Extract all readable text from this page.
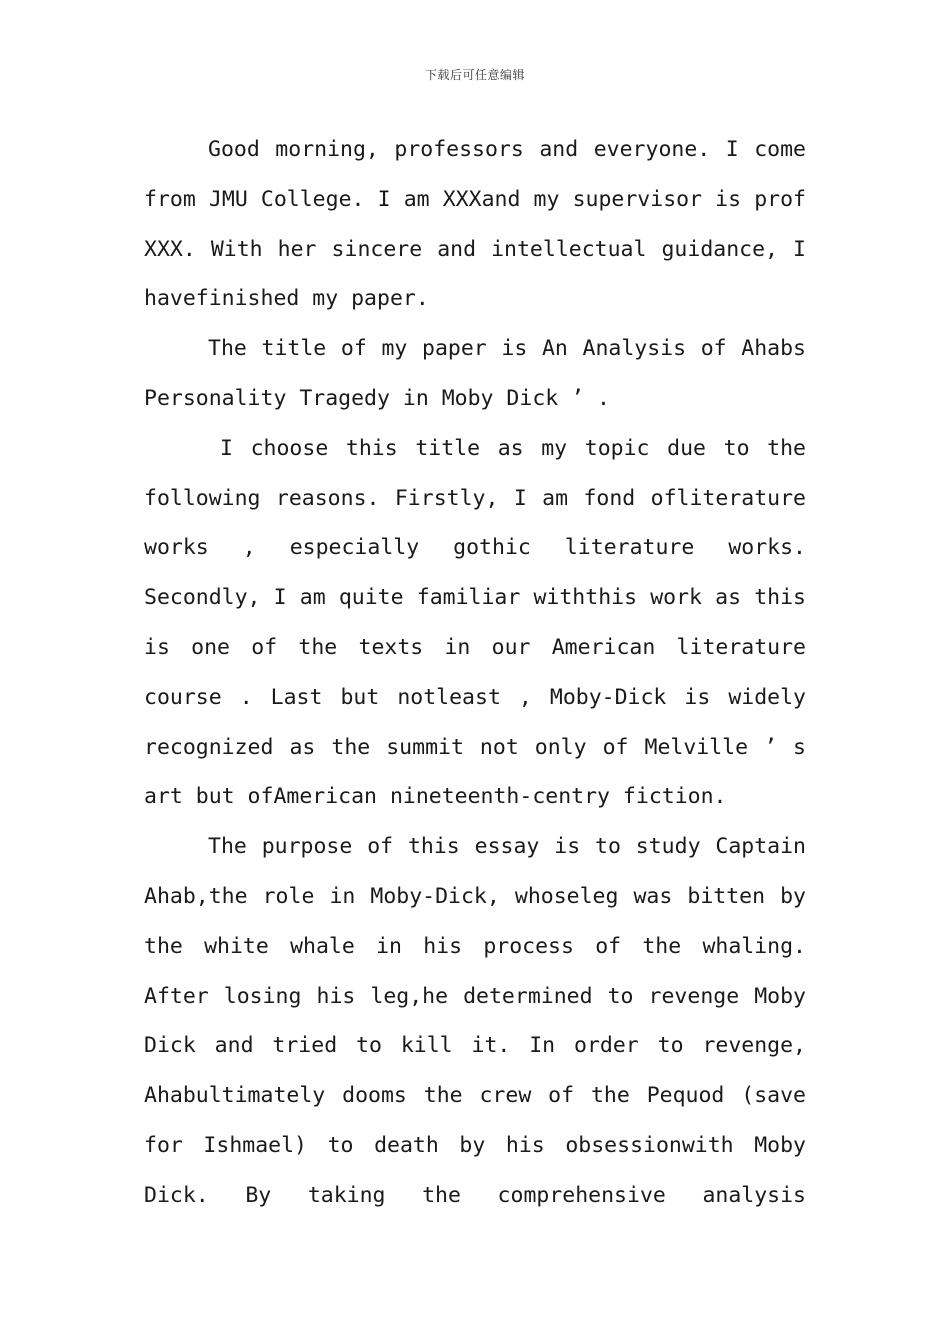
下载后可任意编辑
Good morning, professors and everyone. I come
from JMU College. I am XXXand my supervisor is prof
XXX. With her sincere and intellectual guidance, I
havefinished my paper.
The title of my paper is An Analysis of Ahabs
Personality Tragedy in Moby Dick ’ .
I choose this title as my topic due to the
following reasons. Firstly, I am fond ofliterature
works , especially gothic literature works.
Secondly, I am quite familiar withthis work as this
is one of the texts in our American literature
course . Last but notleast , Moby-Dick is widely
recognized as the summit not only of Melville ’ s
art but ofAmerican nineteenth-centry fiction.
The purpose of this essay is to study Captain
Ahab,the role in Moby-Dick, whoseleg was bitten by
the white whale in his process of the whaling.
After losing his leg,he determined to revenge Moby
Dick and tried to kill it. In order to revenge,
Ahabultimately dooms the crew of the Pequod (save
for Ishmael) to death by his obsessionwith Moby
Dick. By taking the comprehensive analysis
